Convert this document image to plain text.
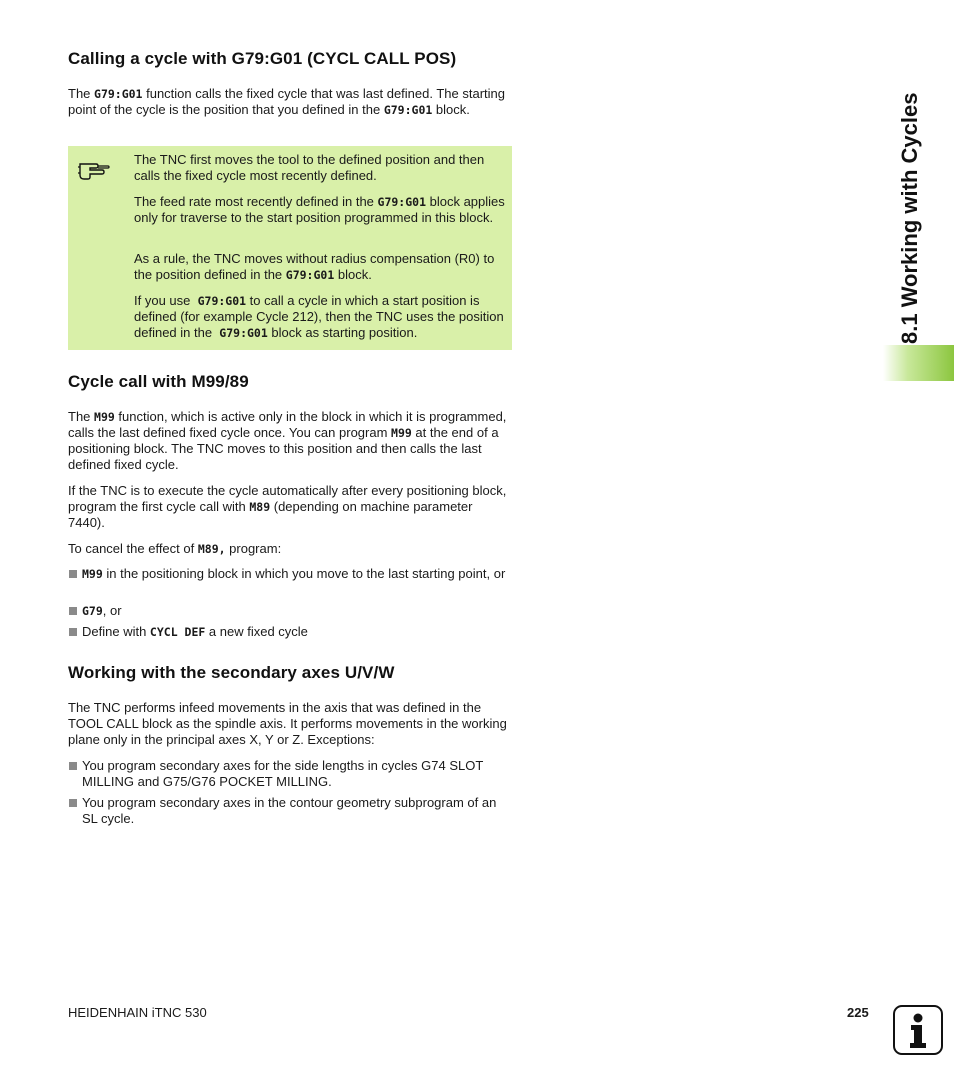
Calling a cycle with G79:G01 (CYCL CALL POS)

The G79:G01 function calls the fixed cycle that was last defined. The starting point of the cycle is the position that you defined in the G79:G01 block.

The TNC first moves the tool to the defined position and then calls the fixed cycle most recently defined.

The feed rate most recently defined in the G79:G01 block applies only for traverse to the start position programmed in this block.

As a rule, the TNC moves without radius compensation (R0) to the position defined in the G79:G01 block.

If you use  G79:G01 to call a cycle in which a start position is defined (for example Cycle 212), then the TNC uses the position defined in the  G79:G01 block as starting position.

Cycle call with M99/89

The M99 function, which is active only in the block in which it is programmed, calls the last defined fixed cycle once. You can program M99 at the end of a positioning block. The TNC moves to this position and then calls the last defined fixed cycle.

If the TNC is to execute the cycle automatically after every positioning block, program the first cycle call with M89 (depending on machine parameter 7440).

To cancel the effect of M89, program:

M99 in the positioning block in which you move to the last starting point, or

G79, or

Define with CYCL DEF a new fixed cycle

Working with the secondary axes U/V/W

The TNC performs infeed movements in the axis that was defined in the TOOL CALL block as the spindle axis. It performs movements in the working plane only in the principal axes X, Y or Z. Exceptions:

You program secondary axes for the side lengths in cycles G74 SLOT MILLING and G75/G76 POCKET MILLING.

You program secondary axes in the contour geometry subprogram of an SL cycle.

8.1 Working with Cycles
HEIDENHAIN iTNC 530	225
